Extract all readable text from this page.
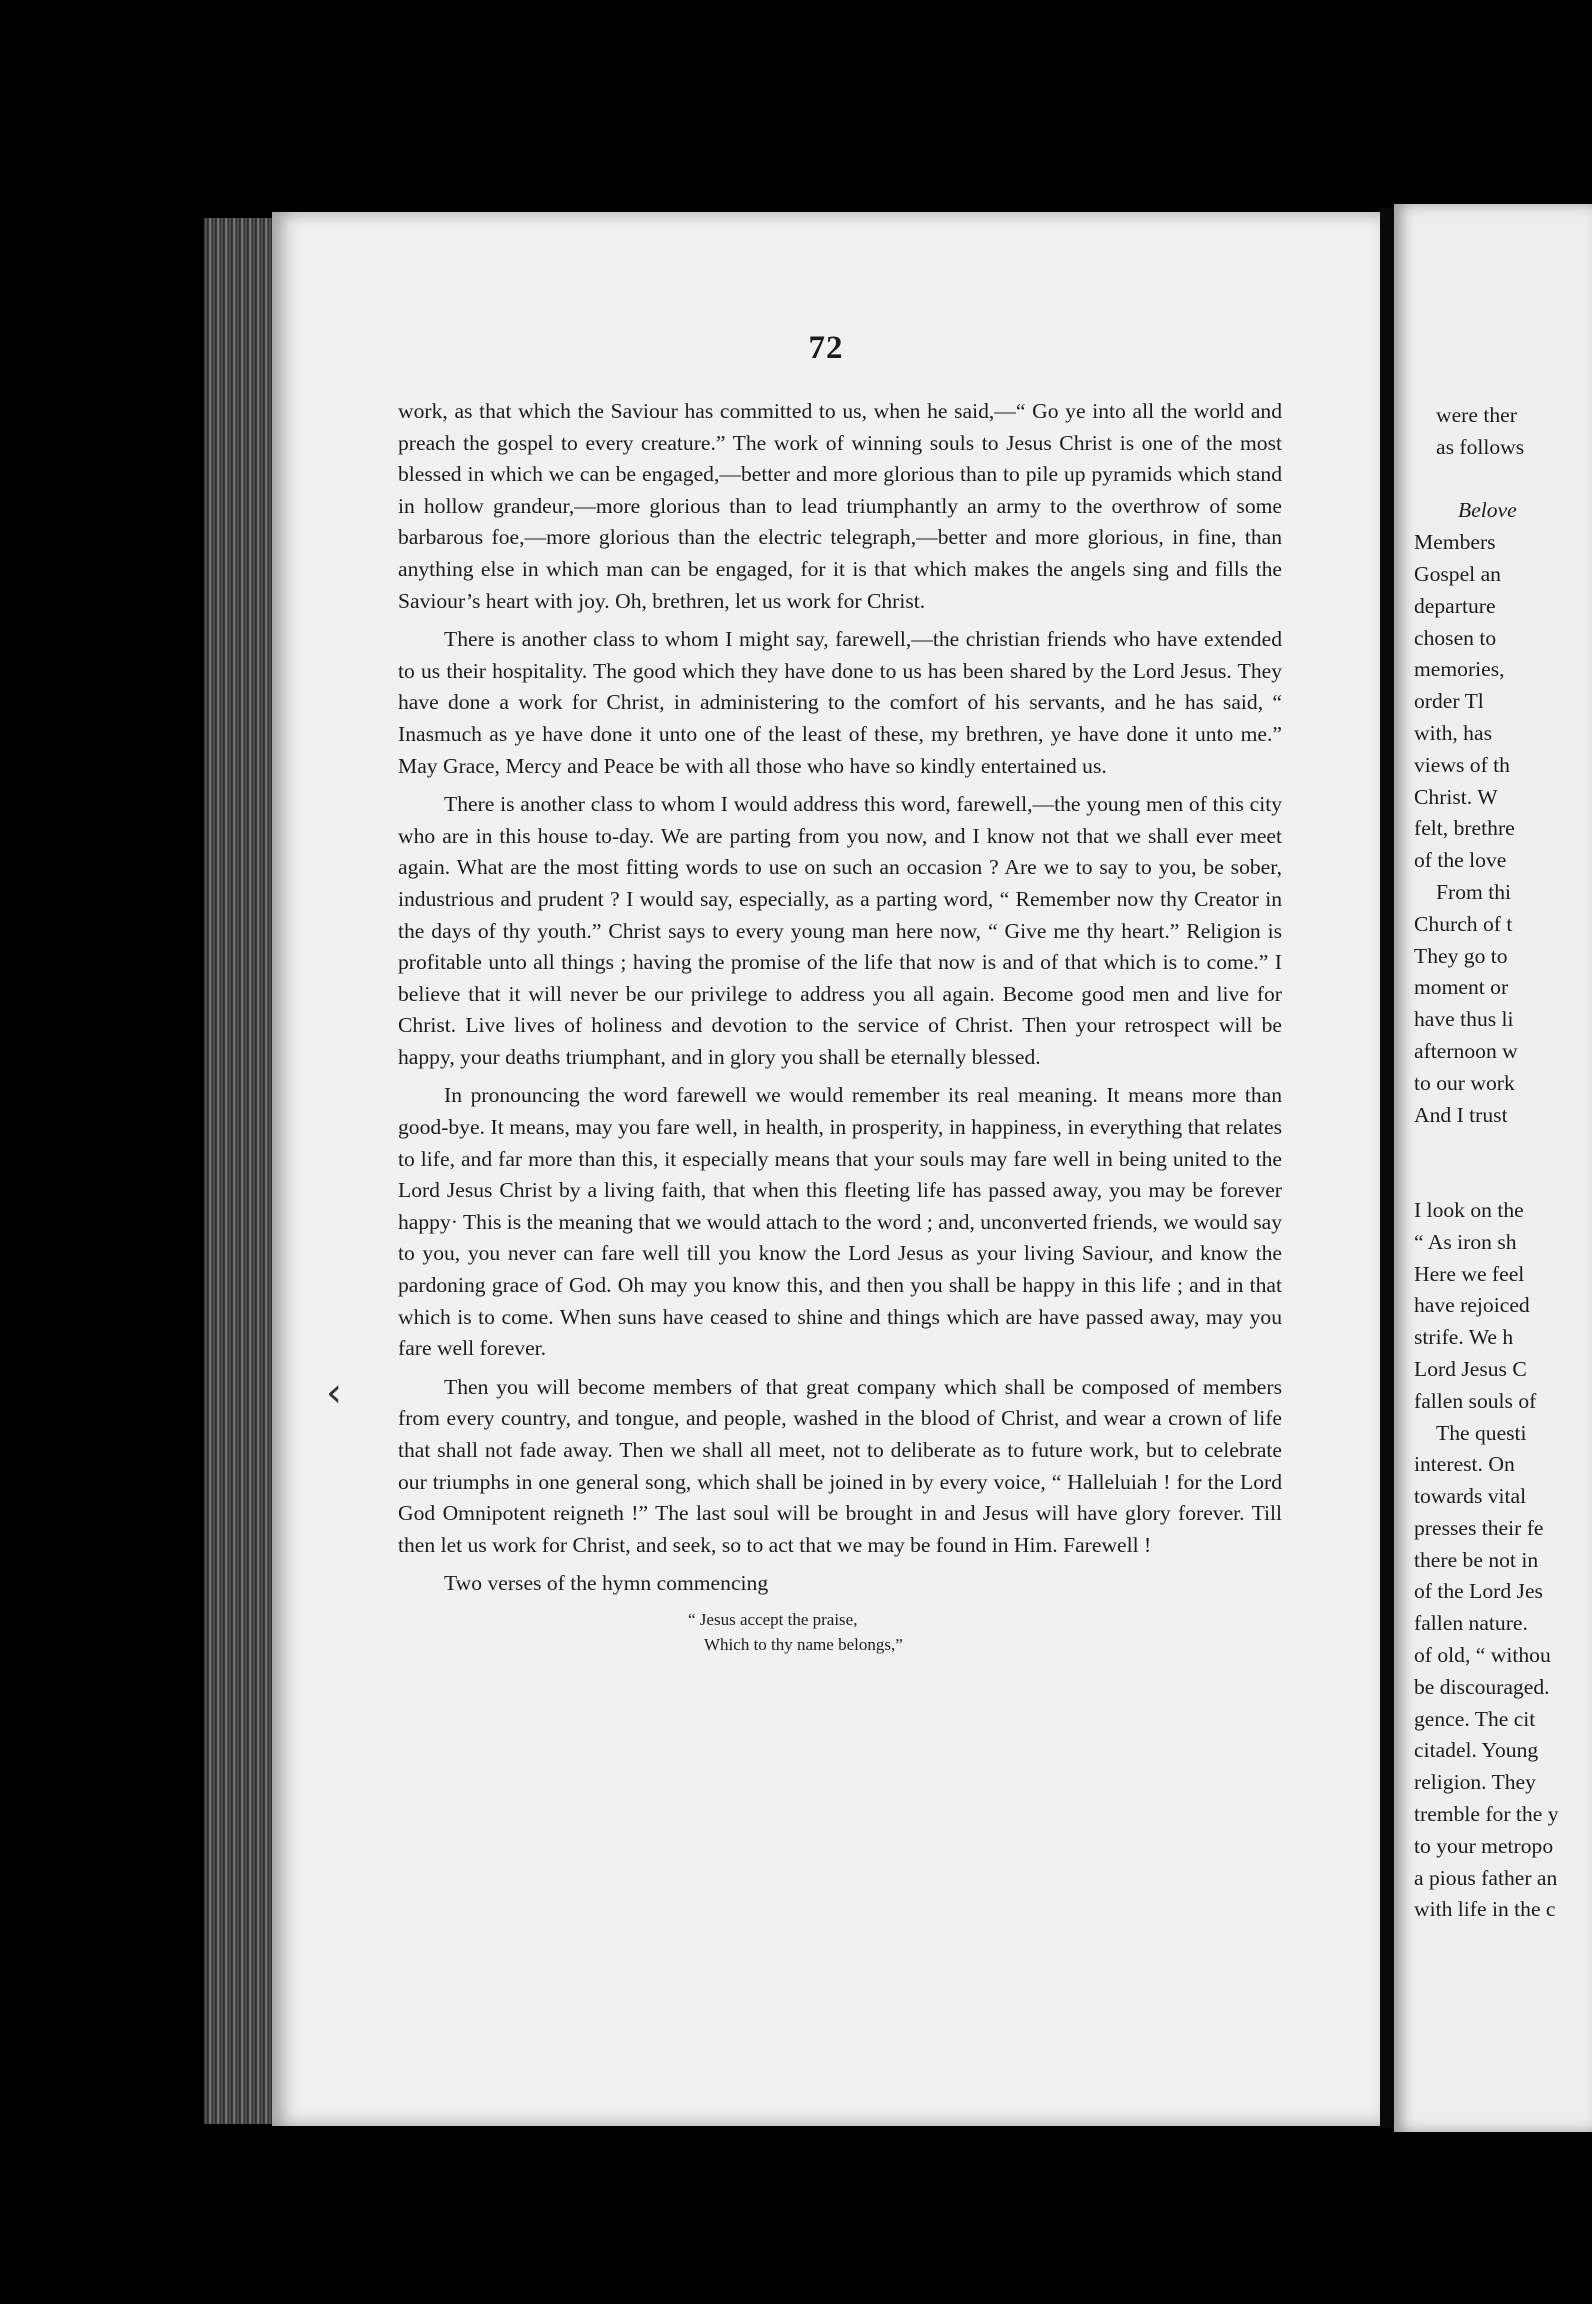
72

work, as that which the Saviour has committed to us, when he said,—“ Go ye into all the world and preach the gospel to every creature.” The work of winning souls to Jesus Christ is one of the most blessed in which we can be engaged,—better and more glorious than to pile up pyramids which stand in hollow grandeur,—more glorious than to lead triumphantly an army to the overthrow of some barbarous foe,—more glorious than the electric telegraph,—better and more glorious, in fine, than anything else in which man can be engaged, for it is that which makes the angels sing and fills the Saviour’s heart with joy. Oh, brethren, let us work for Christ.

There is another class to whom I might say, farewell,—the christian friends who have extended to us their hospitality. The good which they have done to us has been shared by the Lord Jesus. They have done a work for Christ, in administering to the comfort of his servants, and he has said, “ Inasmuch as ye have done it unto one of the least of these, my brethren, ye have done it unto me.” May Grace, Mercy and Peace be with all those who have so kindly entertained us.

There is another class to whom I would address this word, farewell,—the young men of this city who are in this house to-day. We are parting from you now, and I know not that we shall ever meet again. What are the most fitting words to use on such an occasion ? Are we to say to you, be sober, industrious and prudent ? I would say, especially, as a parting word, “ Remember now thy Creator in the days of thy youth.” Christ says to every young man here now, “ Give me thy heart.” Religion is profitable unto all things ; having the promise of the life that now is and of that which is to come.” I believe that it will never be our privilege to address you all again. Become good men and live for Christ. Live lives of holiness and devotion to the service of Christ. Then your retrospect will be happy, your deaths triumphant, and in glory you shall be eternally blessed.

In pronouncing the word farewell we would remember its real meaning. It means more than good-bye. It means, may you fare well, in health, in prosperity, in happiness, in everything that relates to life, and far more than this, it especially means that your souls may fare well in being united to the Lord Jesus Christ by a living faith, that when this fleeting life has passed away, you may be forever happy· This is the meaning that we would attach to the word ; and, unconverted friends, we would say to you, you never can fare well till you know the Lord Jesus as your living Saviour, and know the pardoning grace of God. Oh may you know this, and then you shall be happy in this life ; and in that which is to come. When suns have ceased to shine and things which are have passed away, may you fare well forever.

Then you will become members of that great company which shall be composed of members from every country, and tongue, and people, washed in the blood of Christ, and wear a crown of life that shall not fade away. Then we shall all meet, not to deliberate as to future work, but to celebrate our triumphs in one general song, which shall be joined in by every voice, “ Halleluiah ! for the Lord God Omnipotent reigneth !” The last soul will be brought in and Jesus will have glory forever. Till then let us work for Christ, and seek, so to act that we may be found in Him. Farewell !

Two verses of the hymn commencing

“ Jesus accept the praise,
Which to thy name belongs,”
‹
were ther
as follows
Belove
Members
Gospel an
departure
chosen to
memories,
order Tl
with, has
views of th
Christ. W
felt, brethre
of the love
From thi
Church of t
They go to
moment or
have thus li
afternoon w
to our work
And I trust
I look on the
“ As iron sh
Here we feel
have rejoiced
strife. We h
Lord Jesus C
fallen souls of
The questi
interest. On
towards vital
presses their fe
there be not in
of the Lord Jes
fallen nature.
of old, “ withou
be discouraged.
gence. The cit
citadel. Young
religion. They
tremble for the y
to your metropo
a pious father an
with life in the c
